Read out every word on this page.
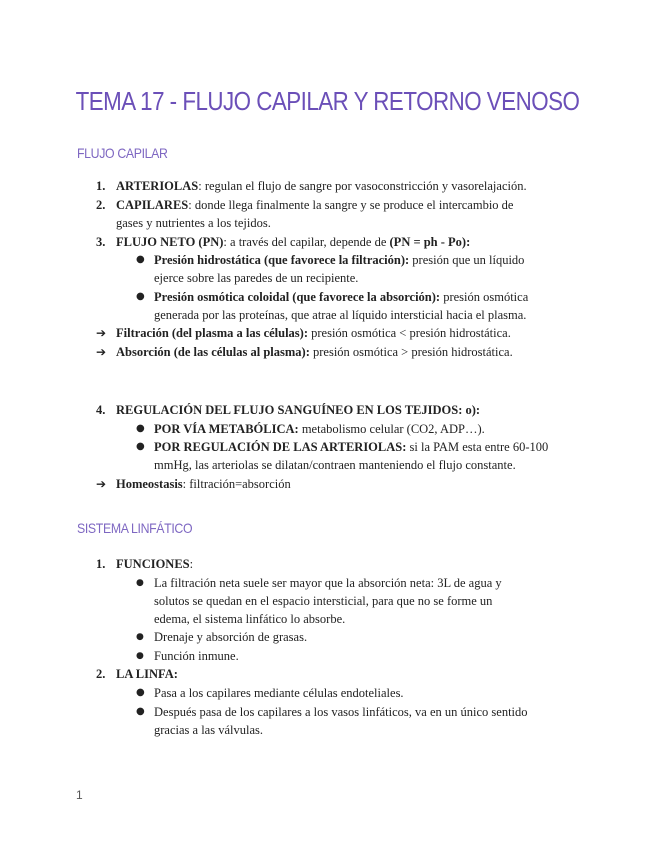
TEMA 17 - FLUJO CAPILAR Y RETORNO VENOSO
FLUJO CAPILAR
1. ARTERIOLAS: regulan el flujo de sangre por vasoconstricción y vasorelajación.
2. CAPILARES: donde llega finalmente la sangre y se produce el intercambio de
gases y nutrientes a los tejidos.
3. FLUJO NETO (PN): a través del capilar, depende de (PN = ph - Po):
● Presión hidrostática (que favorece la filtración): presión que un líquido
ejerce sobre las paredes de un recipiente.
● Presión osmótica coloidal (que favorece la absorción): presión osmótica
generada por las proteínas, que atrae al líquido intersticial hacia el plasma.
➔ Filtración (del plasma a las células): presión osmótica < presión hidrostática.
➔ Absorción (de las células al plasma): presión osmótica > presión hidrostática.
4. REGULACIÓN DEL FLUJO SANGUÍNEO EN LOS TEJIDOS: o):
● POR VÍA METABÓLICA: metabolismo celular (CO2, ADP…).
● POR REGULACIÓN DE LAS ARTERIOLAS: si la PAM esta entre 60-100
mmHg, las arteriolas se dilatan/contraen manteniendo el flujo constante.
➔ Homeostasis: filtración=absorción
SISTEMA LINFÁTICO
1. FUNCIONES:
● La filtración neta suele ser mayor que la absorción neta: 3L de agua y
solutos se quedan en el espacio intersticial, para que no se forme un
edema, el sistema linfático lo absorbe.
● Drenaje y absorción de grasas.
● Función inmune.
2. LA LINFA:
● Pasa a los capilares mediante células endoteliales.
● Después pasa de los capilares a los vasos linfáticos, va en un único sentido
gracias a las válvulas.
1
